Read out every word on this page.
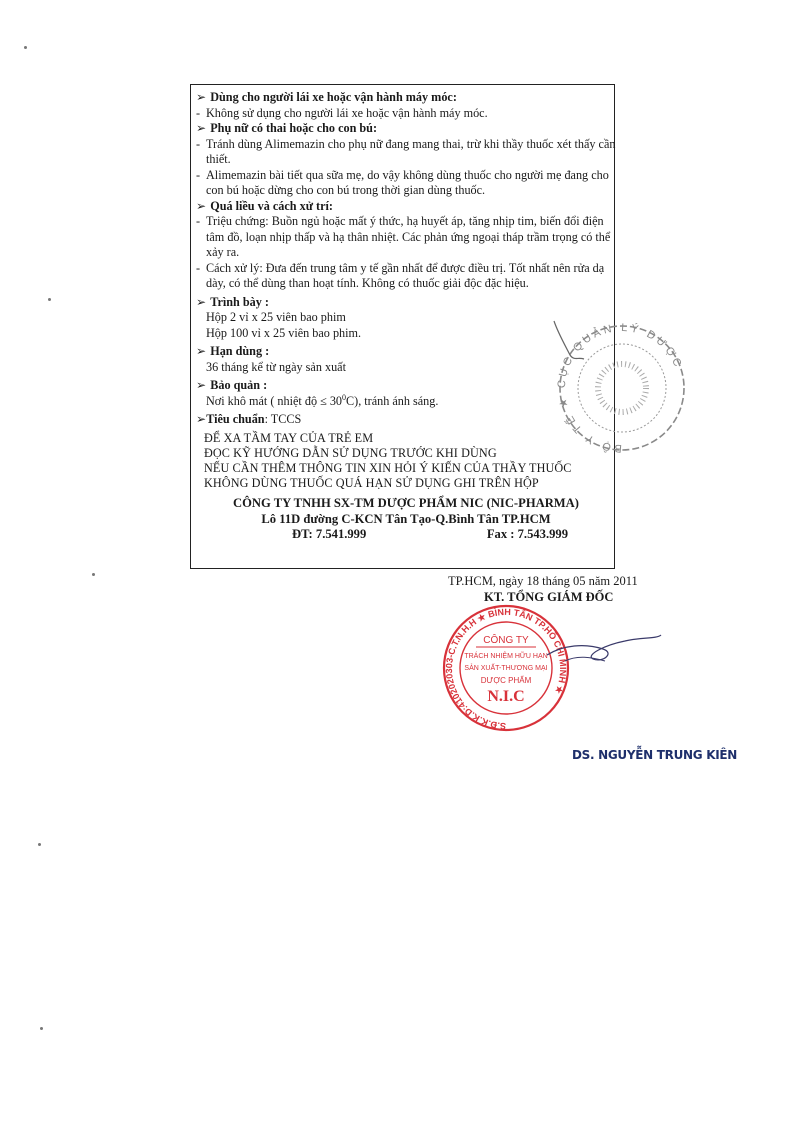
➢ Dùng cho người lái xe hoặc vận hành máy móc:
- Không sử dụng cho người lái xe hoặc vận hành máy móc.
➢ Phụ nữ có thai hoặc cho con bú:
- Tránh dùng Alimemazin cho phụ nữ đang mang thai, trừ khi thầy thuốc xét thấy cần thiết.
- Alimemazin bài tiết qua sữa mẹ, do vậy không dùng thuốc cho người mẹ đang cho con bú hoặc dừng cho con bú trong thời gian dùng thuốc.
➢ Quá liều và cách xử trí:
- Triệu chứng: Buồn ngủ hoặc mất ý thức, hạ huyết áp, tăng nhịp tim, biến đổi điện tâm đồ, loạn nhịp thấp và hạ thân nhiệt. Các phản ứng ngoại tháp trầm trọng có thể xảy ra.
- Cách xử lý: Đưa đến trung tâm y tế gần nhất để được điều trị. Tốt nhất nên rửa dạ dày, có thể dùng than hoạt tính. Không có thuốc giải độc đặc hiệu.
➢ Trình bày :
Hộp 2 vỉ x 25 viên bao phim
Hộp 100 vỉ x 25 viên bao phim.
➢ Hạn dùng :
36 tháng kể từ ngày sản xuất
➢ Bảo quản :
Nơi khô mát ( nhiệt độ ≤ $30^0C$), tránh ánh sáng.
➢Tiêu chuẩn: TCCS
ĐỂ XA TẦM TAY CỦA TRẺ EM
ĐỌC KỸ HƯỚNG DẪN SỬ DỤNG TRƯỚC KHI DÙNG
NẾU CẦN THÊM THÔNG TIN XIN HỎI Ý KIẾN CỦA THẦY THUỐC
KHÔNG DÙNG THUỐC QUÁ HẠN SỬ DỤNG GHI TRÊN HỘP
CÔNG TY TNHH SX-TM DƯỢC PHẨM NIC (NIC-PHARMA)
Lô 11D đường C-KCN Tân Tạo-Q.Bình Tân TP.HCM
ĐT: 7.541.999	Fax : 7.543.999
BỘ Y TẾ ★ CỤC QUẢN LÝ DƯỢC
TP.HCM, ngày 18 tháng 05 năm 2011
KT. TỔNG GIÁM ĐỐC
S.Đ.K.K.D:4102020303-C.T.N.H.H ★ BÌNH TÂN TP.HỒ CHÍ MINH ★
CÔNG TY
TRÁCH NHIỆM HỮU HẠN
SẢN XUẤT-THƯƠNG MẠI
DƯỢC PHẨM
N.I.C
DS. NGUYỄN TRUNG KIÊN
